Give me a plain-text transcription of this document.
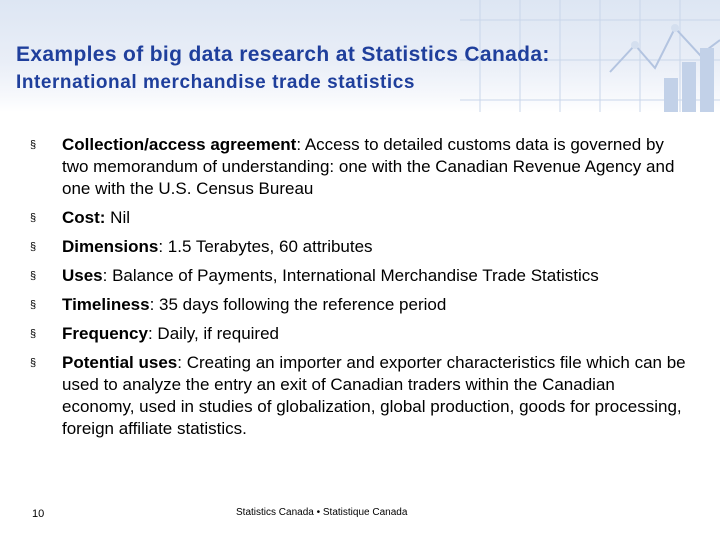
Examples of big data research at Statistics Canada:
International merchandise trade statistics
§ Collection/access agreement: Access to detailed customs data is governed by two memorandum of understanding: one with the Canadian Revenue Agency and one with the U.S. Census Bureau
§ Cost: Nil
§ Dimensions: 1.5 Terabytes, 60 attributes
§ Uses: Balance of Payments, International Merchandise Trade Statistics
§ Timeliness: 35 days following the reference period
§ Frequency: Daily, if required
§ Potential uses: Creating an importer and exporter characteristics file which can be used to analyze the entry an exit of Canadian traders within the Canadian economy, used in studies of globalization, global production, goods for processing, foreign affiliate statistics.
10	Statistics Canada • Statistique Canada
